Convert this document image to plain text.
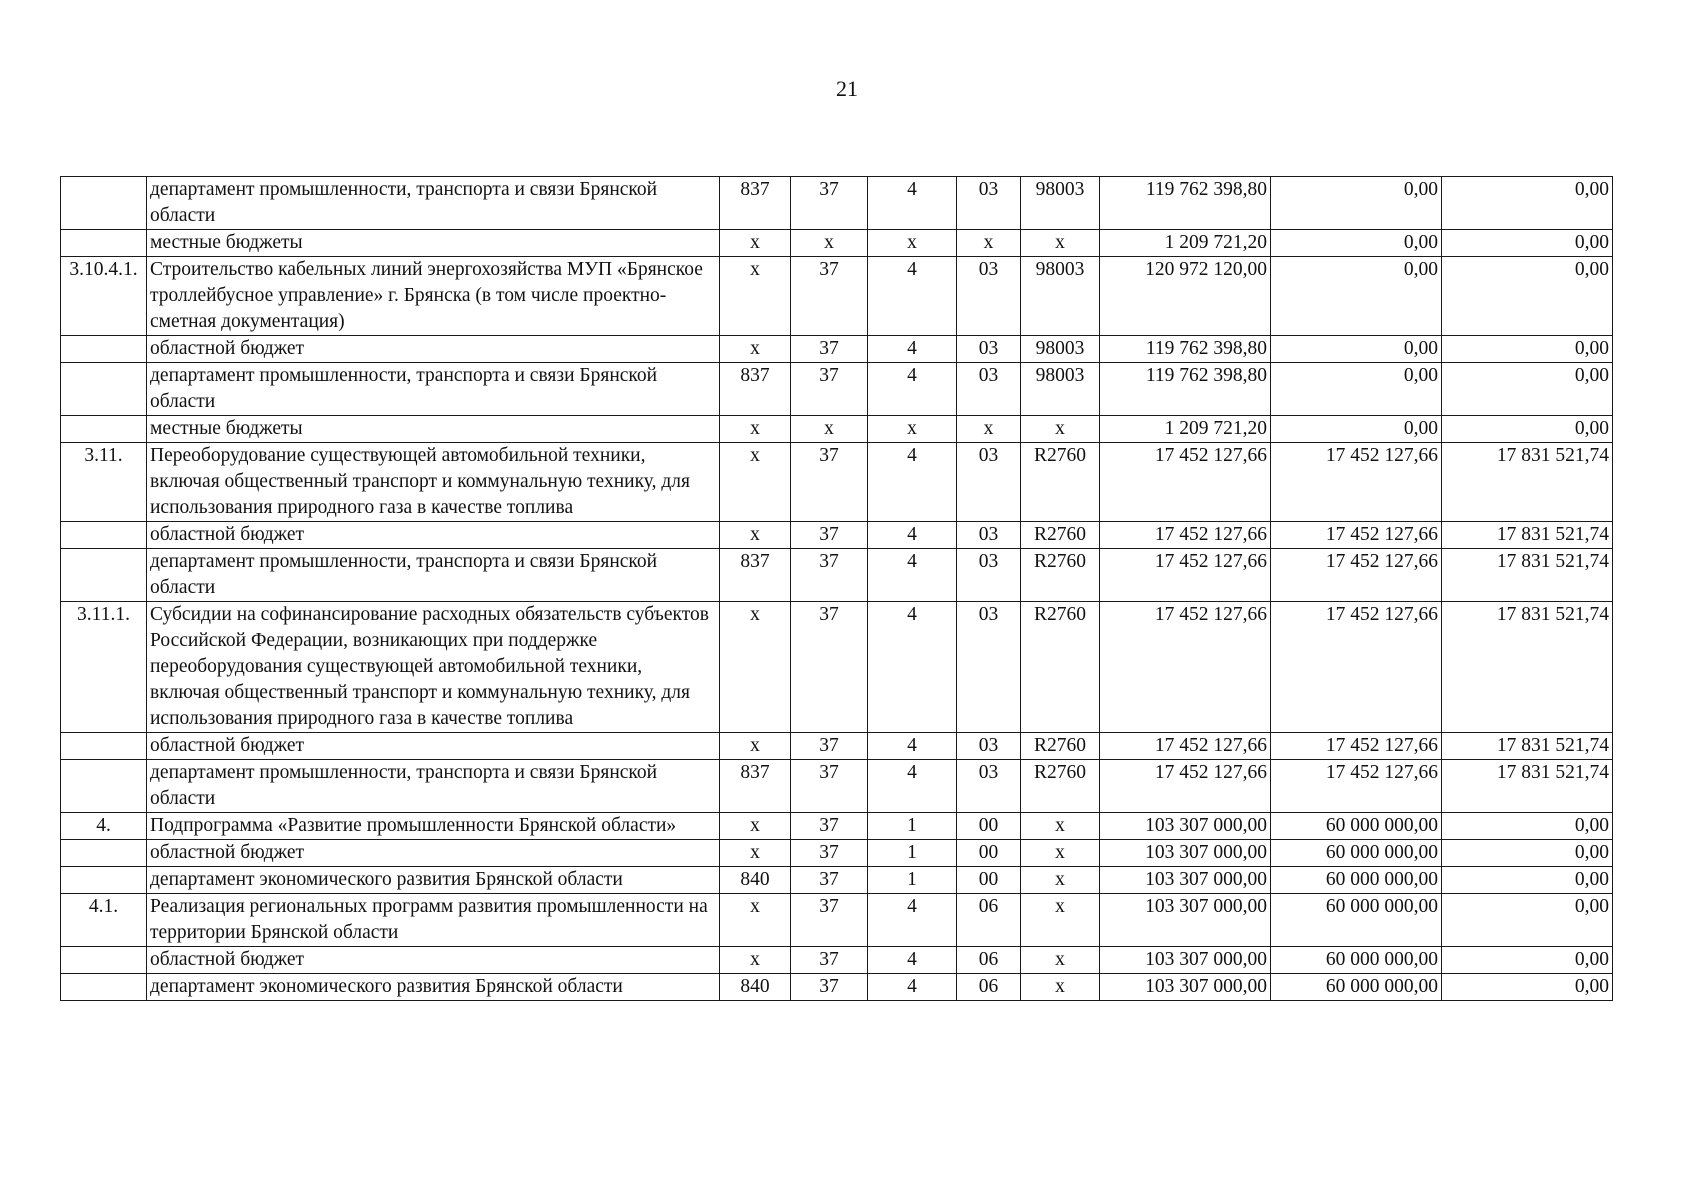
21
	департамент промышленности, транспорта и связи Брянской области	837	37	4	03	98003	119 762 398,80	0,00	0,00
	местные бюджеты	х	х	х	х	х	1 209 721,20	0,00	0,00
3.10.4.1.	Строительство кабельных линий энергохозяйства МУП «Брянское троллейбусное управление» г. Брянска (в том числе проектно-сметная документация)	х	37	4	03	98003	120 972 120,00	0,00	0,00
	областной бюджет	х	37	4	03	98003	119 762 398,80	0,00	0,00
	департамент промышленности, транспорта и связи Брянской области	837	37	4	03	98003	119 762 398,80	0,00	0,00
	местные бюджеты	х	х	х	х	х	1 209 721,20	0,00	0,00
3.11.	Переоборудование существующей автомобильной техники, включая общественный транспорт и коммунальную технику, для использования природного газа в качестве топлива	х	37	4	03	R2760	17 452 127,66	17 452 127,66	17 831 521,74
	областной бюджет	х	37	4	03	R2760	17 452 127,66	17 452 127,66	17 831 521,74
	департамент промышленности, транспорта и связи Брянской области	837	37	4	03	R2760	17 452 127,66	17 452 127,66	17 831 521,74
3.11.1.	Субсидии на софинансирование расходных обязательств субъектов Российской Федерации, возникающих при поддержке переоборудования существующей автомобильной техники, включая общественный транспорт и коммунальную технику, для использования природного газа в качестве топлива	х	37	4	03	R2760	17 452 127,66	17 452 127,66	17 831 521,74
	областной бюджет	х	37	4	03	R2760	17 452 127,66	17 452 127,66	17 831 521,74
	департамент промышленности, транспорта и связи Брянской области	837	37	4	03	R2760	17 452 127,66	17 452 127,66	17 831 521,74
4.	Подпрограмма «Развитие промышленности Брянской области»	х	37	1	00	х	103 307 000,00	60 000 000,00	0,00
	областной бюджет	х	37	1	00	х	103 307 000,00	60 000 000,00	0,00
	департамент экономического развития Брянской области	840	37	1	00	х	103 307 000,00	60 000 000,00	0,00
4.1.	Реализация региональных программ развития промышленности на территории Брянской области	х	37	4	06	х	103 307 000,00	60 000 000,00	0,00
	областной бюджет	х	37	4	06	х	103 307 000,00	60 000 000,00	0,00
	департамент экономического развития Брянской области	840	37	4	06	х	103 307 000,00	60 000 000,00	0,00
